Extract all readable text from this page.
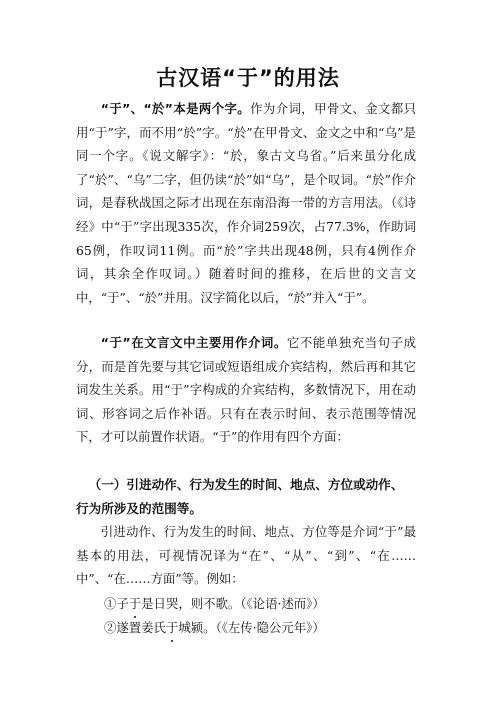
古汉语“于”的用法

“于”、“於”本是两个字。作为介词，甲骨文、金文都只用“于”字，而不用“於”字。“於”在甲骨文、金文之中和“乌”是同一个字。《说文解字》：“於，象古文乌省。”后来虽分化成了“於”、“乌”二字，但仍读“於”如“乌”，是个叹词。“於”作介词，是春秋战国之际才出现在东南沿海一带的方言用法。（《诗经》中“于”字出现335次，作介词259次，占77.3%，作助词65例，作叹词11例。而“於”字共出现48例，只有4例作介词，其余全作叹词。）随着时间的推移，在后世的文言文中，“于”、“於”并用。汉字简化以后，“於”并入“于”。

“于”在文言文中主要用作介词。它不能单独充当句子成分，而是首先要与其它词或短语组成介宾结构，然后再和其它词发生关系。用“于”字构成的介宾结构，多数情况下，用在动词、形容词之后作补语。只有在表示时间、表示范围等情况下，才可以前置作状语。“于”的作用有四个方面：

（一）引进动作、行为发生的时间、地点、方位或动作、行为所涉及的范围等。

引进动作、行为发生的时间、地点、方位等是介词“于”最基本的用法，可视情况译为“在”、“从”、“到”、“在……中”、“在……方面”等。例如：

①子于是日哭，则不歌。（《论语·述而》）
②遂置姜氏于城颍。（《左传·隐公元年》）
